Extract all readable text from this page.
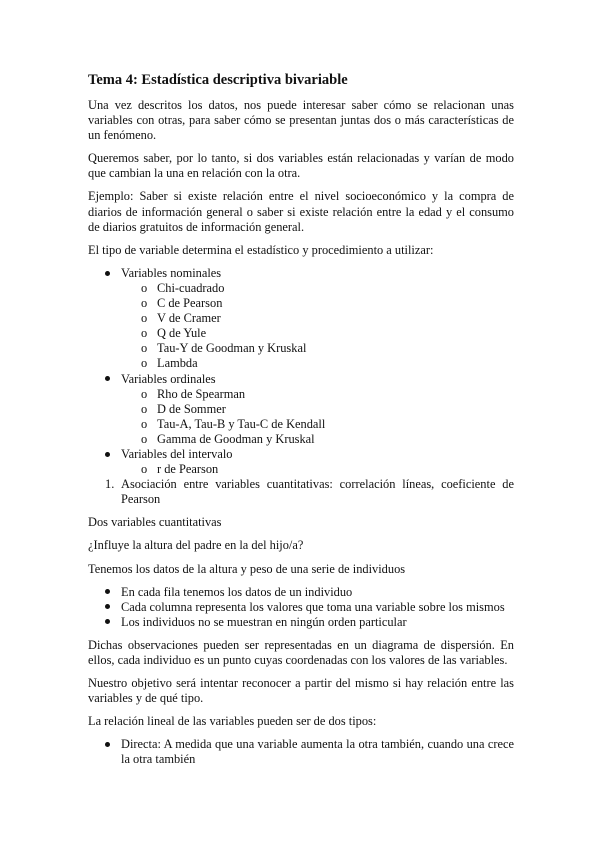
Tema 4: Estadística descriptiva bivariable

Una vez descritos los datos, nos puede interesar saber cómo se relacionan unas variables con otras, para saber cómo se presentan juntas dos o más características de un fenómeno.

Queremos saber, por lo tanto, si dos variables están relacionadas y varían de modo que cambian la una en relación con la otra.

Ejemplo: Saber si existe relación entre el nivel socioeconómico y la compra de diarios de información general o saber si existe relación entre la edad y el consumo de diarios gratuitos de información general.

El tipo de variable determina el estadístico y procedimiento a utilizar:

Variables nominales
o Chi-cuadrado
o C de Pearson
o V de Cramer
o Q de Yule
o Tau-Y de Goodman y Kruskal
o Lambda
Variables ordinales
o Rho de Spearman
o D de Sommer
o Tau-A, Tau-B y Tau-C de Kendall
o Gamma de Goodman y Kruskal
Variables del intervalo
o r de Pearson
1. Asociación entre variables cuantitativas: correlación líneas, coeficiente de Pearson

Dos variables cuantitativas

¿Influye la altura del padre en la del hijo/a?

Tenemos los datos de la altura y peso de una serie de individuos

En cada fila tenemos los datos de un individuo
Cada columna representa los valores que toma una variable sobre los mismos
Los individuos no se muestran en ningún orden particular

Dichas observaciones pueden ser representadas en un diagrama de dispersión. En ellos, cada individuo es un punto cuyas coordenadas con los valores de las variables.

Nuestro objetivo será intentar reconocer a partir del mismo si hay relación entre las variables y de qué tipo.

La relación lineal de las variables pueden ser de dos tipos:

Directa: A medida que una variable aumenta la otra también, cuando una crece la otra también
